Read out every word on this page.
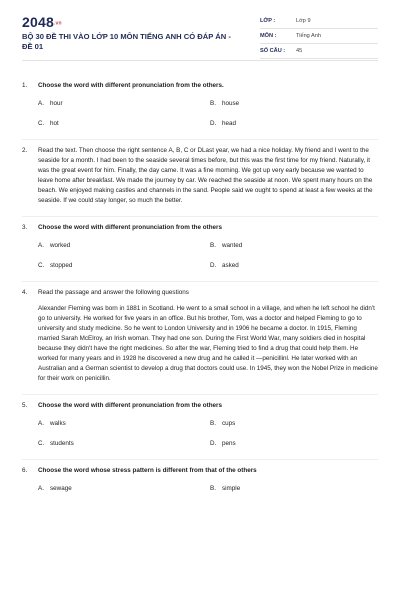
2048.vn
BỘ 30 ĐỀ THI VÀO LỚP 10 MÔN TIẾNG ANH CÓ ĐÁP ÁN - ĐỀ 01
LỚP :	Lớp 9
MÔN :	Tiếng Anh
SỐ CÂU :	45
1.	Choose the word with different pronunciation from the others.
A. hour	B. house
C. hot	D. head
2.	Read the text. Then choose the right sentence A, B, C or DLast year, we had a nice holiday. My friend and I went to the seaside for a month. I had been to the seaside several times before, but this was the first time for my friend. Naturally, it was the great event for him. Finally, the day came. It was a fine morning. We got up very early because we wanted to leave home after breakfast. We made the journey by car. We reached the seaside at noon. We spent many hours on the beach. We enjoyed making castles and channels in the sand. People said we ought to spend at least a few weeks at the seaside. If we could stay longer, so much the better.
3.	Choose the word with different pronunciation from the others
A. worked	B. wanted
C. stopped	D. asked
4.	Read the passage and answer the following questions
Alexander Fleming was born in 1881 in Scotland. He went to a small school in a village, and when he left school he didn't go to university. He worked for five years in an office. But his brother, Tom, was a doctor and helped Fleming to go to university and study medicine. So he went to London University and in 1906 he became a doctor. In 1915, Fleming married Sarah McElroy, an Irish woman. They had one son. During the First World War, many soldiers died in hospital because they didn't have the right medicines. So after the war, Fleming tried to find a drug that could help them. He worked for many years and in 1928 he discovered a new drug and he called it —penicillinl. He later worked with an Australian and a German scientist to develop a drug that doctors could use. In 1945, they won the Nobel Prize in medicine for their work on penicillin.
5.	Choose the word with different pronunciation from the others
A. walks	B. cups
C. students	D. pens
6.	Choose the word whose stress pattern is different from that of the others
A. sewage	B. simple
